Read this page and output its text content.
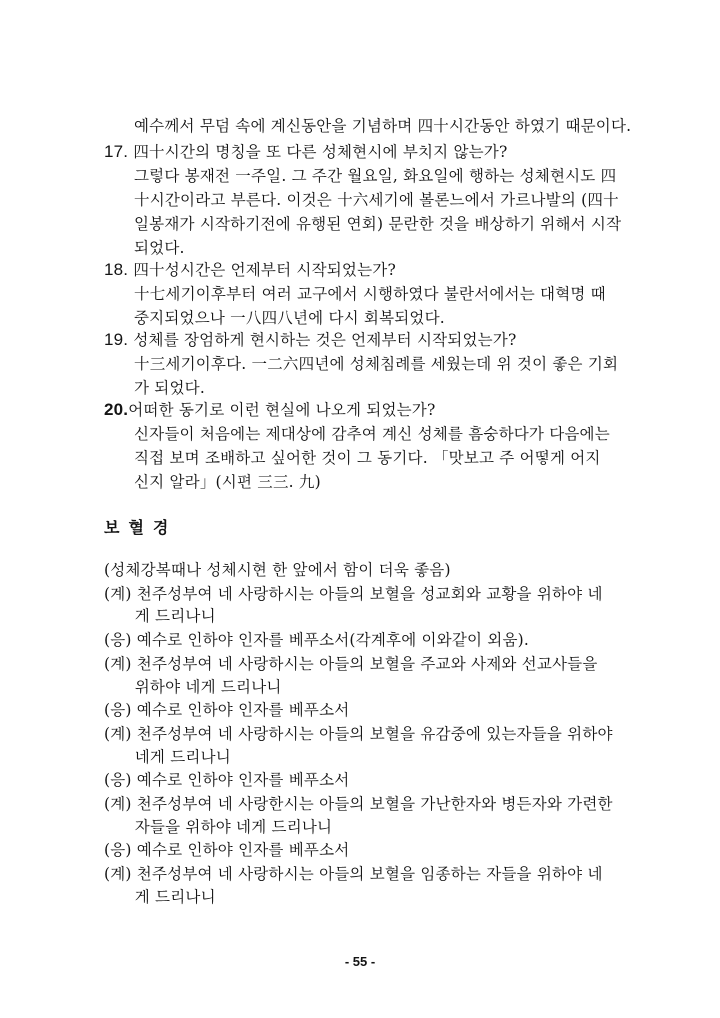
예수께서 무덤 속에 계신동안을 기념하며 四十시간동안 하였기 때문이다.
17. 四十시간의 명칭을 또 다른 성체현시에 부치지 않는가?
그렇다 봉재전 一주일. 그 주간 월요일, 화요일에 행하는 성체현시도 四
十시간이라고 부른다. 이것은 十六세기에 볼론느에서 가르나발의 (四十
일봉재가 시작하기전에 유행된 연회) 문란한 것을 배상하기 위해서 시작
되었다.
18. 四十성시간은 언제부터 시작되었는가?
十七세기이후부터 여러 교구에서 시행하였다 불란서에서는 대혁명 때
중지되었으나 一八四八년에 다시 회복되었다.
19. 성체를 장엄하게 현시하는 것은 언제부터 시작되었는가?
十三세기이후다. 一二六四년에 성체침례를 세웠는데 위 것이 좋은 기회
가 되었다.
20.어떠한 동기로 이런 현실에 나오게 되었는가?
신자들이 처음에는 제대상에 감추여 계신 성체를 흠숭하다가 다음에는
직접 보며 조배하고 싶어한 것이 그 동기다. 「맛보고 주 어떻게 어지
신지 알라」(시편 三三. 九)
보혈경
(성체강복때나 성체시현 한 앞에서 함이 더욱 좋음)
(계) 천주성부여 네 사랑하시는 아들의 보혈을 성교회와 교황을 위하야 네
게 드리나니
(응) 예수로 인하야 인자를 베푸소서(각계후에 이와같이 외움).
(계) 천주성부여 네 사랑하시는 아들의 보혈을 주교와 사제와 선교사들을
위하야 네게 드리나니
(응) 예수로 인하야 인자를 베푸소서
(계) 천주성부여 네 사랑하시는 아들의 보혈을 유감중에 있는자들을 위하야
네게 드리나니
(응) 예수로 인하야 인자를 베푸소서
(계) 천주성부여 네 사랑한시는 아들의 보혈을 가난한자와 병든자와 가련한
자들을 위하야 네게 드리나니
(응) 예수로 인하야 인자를 베푸소서
(계) 천주성부여 네 사랑하시는 아들의 보혈을 임종하는 자들을 위하야 네
게 드리나니
- 55 -
